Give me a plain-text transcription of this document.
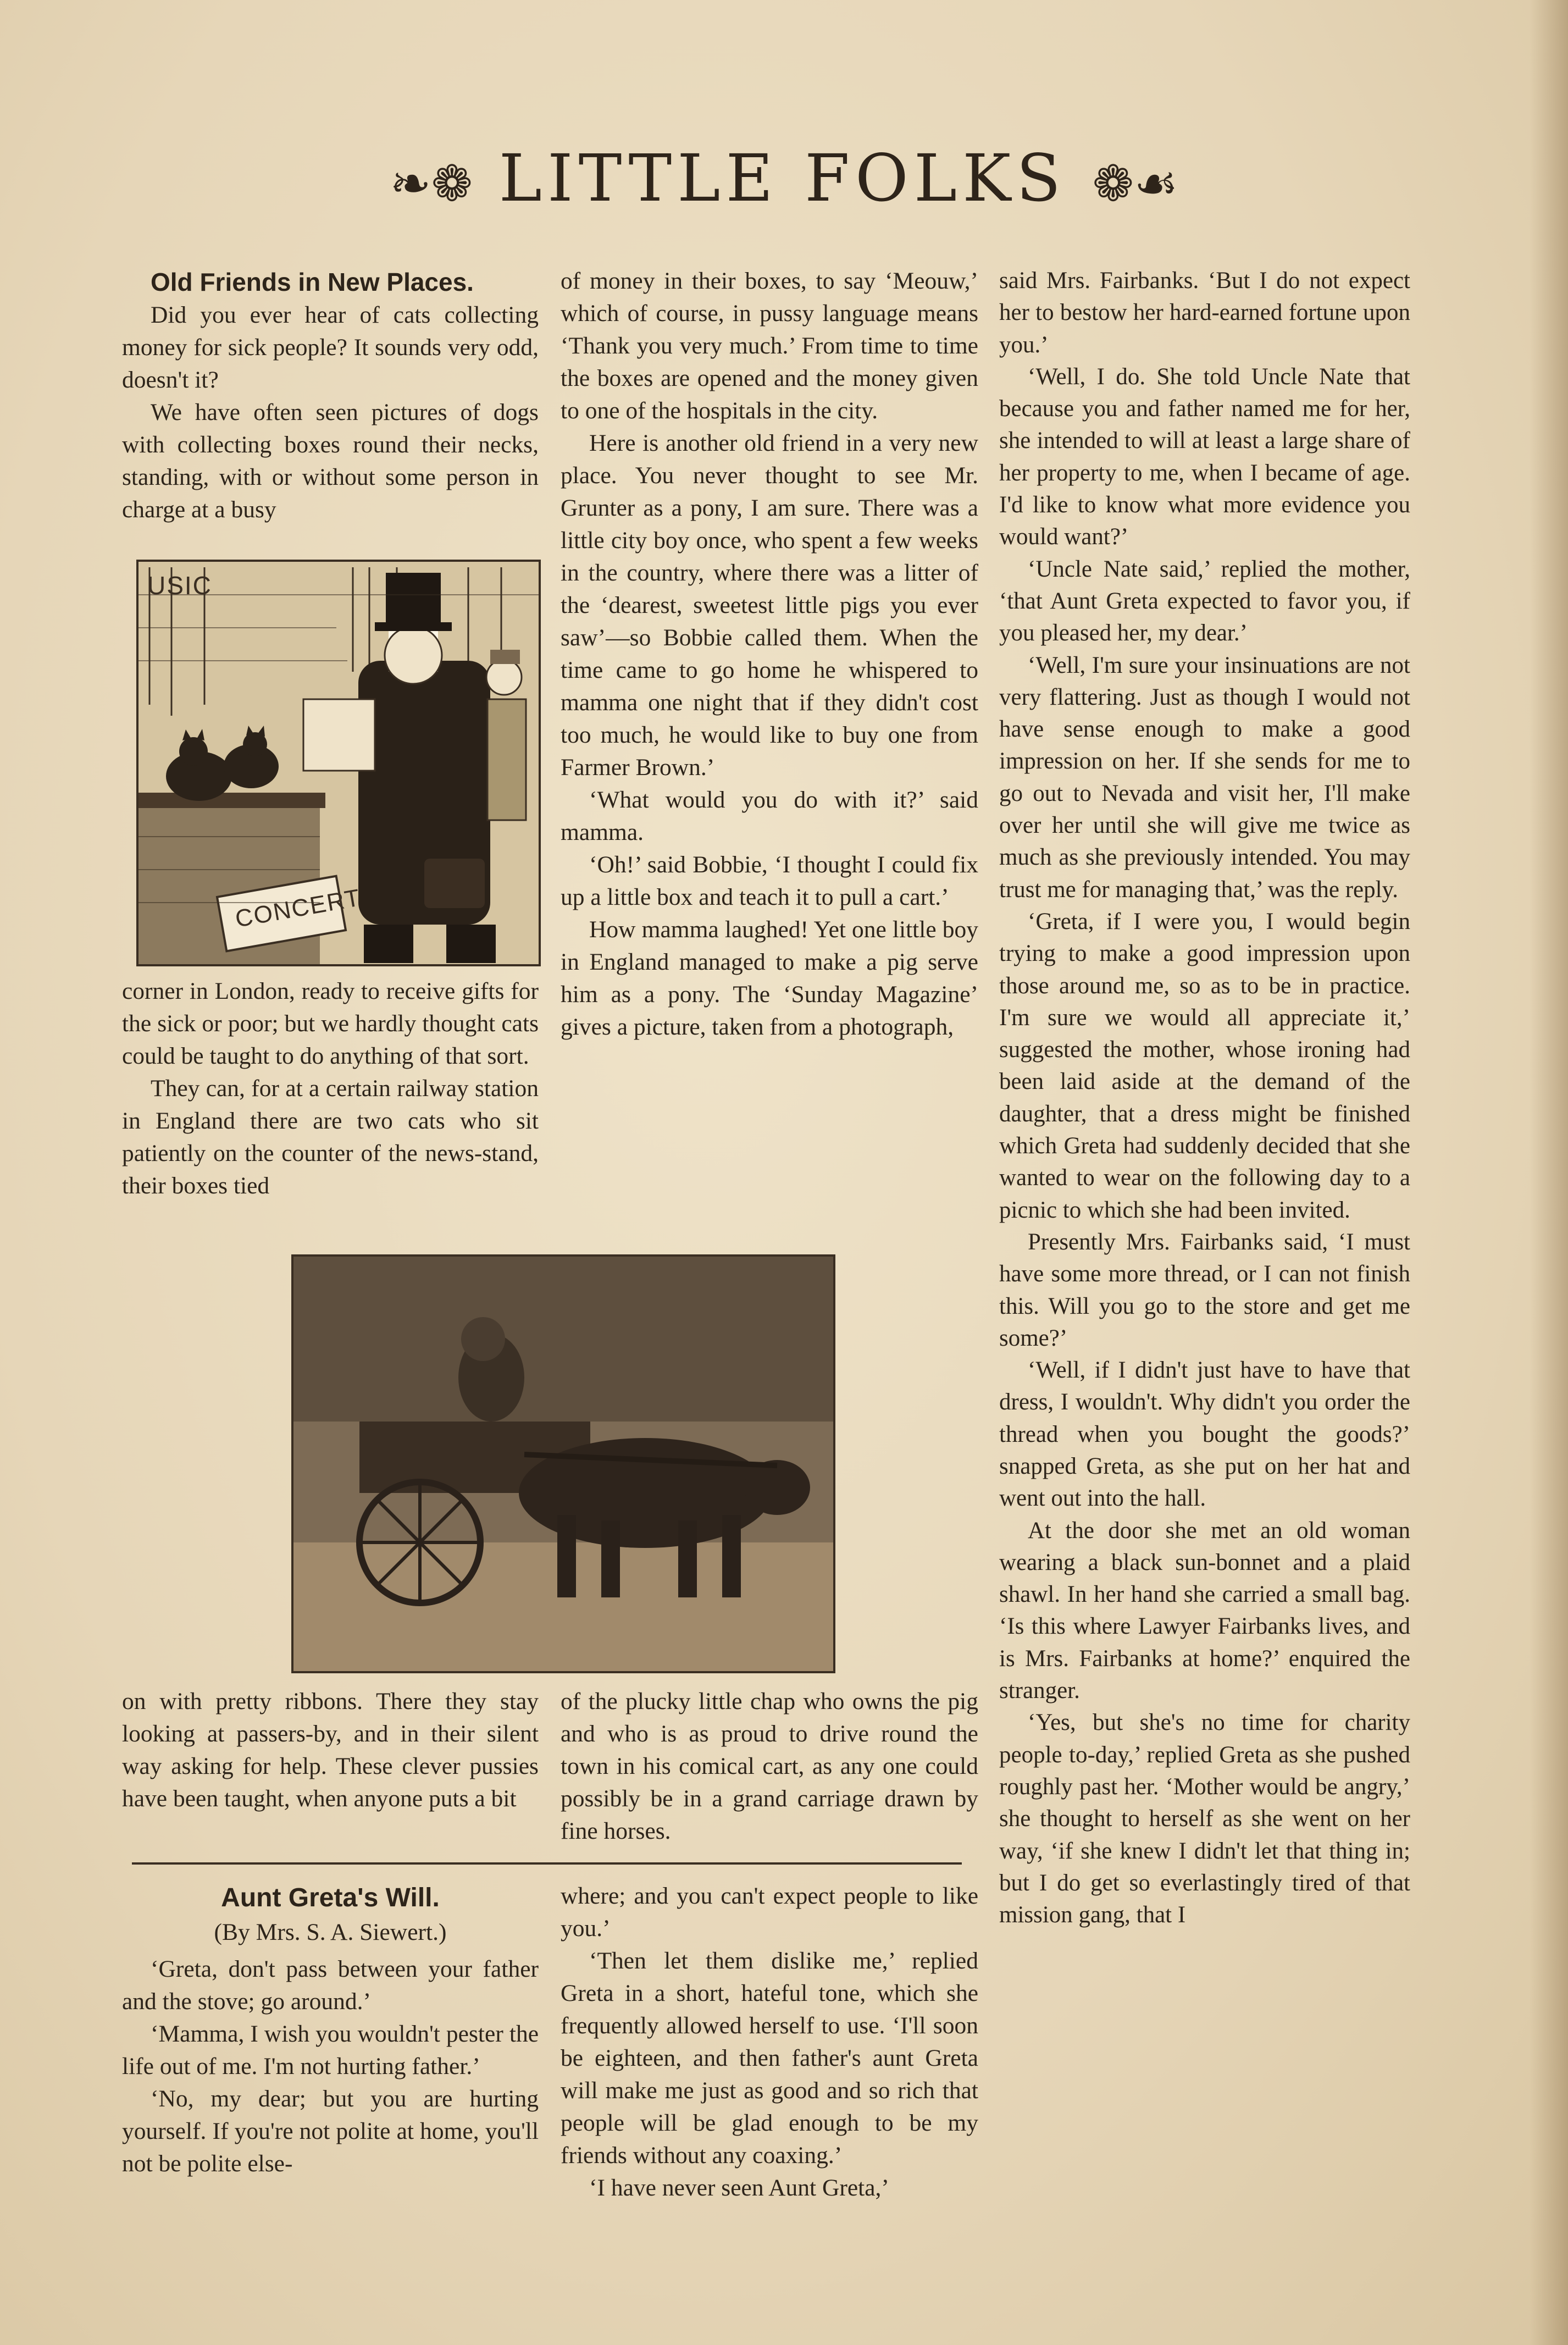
❧❁ LITTLE FOLKS ❁☙

Old Friends in New Places.

Did you ever hear of cats collecting money for sick people? It sounds very odd, doesn't it?

We have often seen pictures of dogs with collecting boxes round their necks, standing, with or without some person in charge at a busy

USIC
CONCERT

corner in London, ready to receive gifts for the sick or poor; but we hardly thought cats could be taught to do anything of that sort.

They can, for at a certain railway station in England there are two cats who sit patiently on the counter of the news-stand, their boxes tied

of money in their boxes, to say ‘Meouw,’ which of course, in pussy language means ‘Thank you very much.’ From time to time the boxes are opened and the money given to one of the hospitals in the city.

Here is another old friend in a very new place. You never thought to see Mr. Grunter as a pony, I am sure. There was a little city boy once, who spent a few weeks in the country, where there was a litter of the ‘dearest, sweetest little pigs you ever saw’—so Bobbie called them. When the time came to go home he whispered to mamma one night that if they didn't cost too much, he would like to buy one from Farmer Brown.’

‘What would you do with it?’ said mamma.

‘Oh!’ said Bobbie, ‘I thought I could fix up a little box and teach it to pull a cart.’

How mamma laughed! Yet one little boy in England managed to make a pig serve him as a pony. The ‘Sunday Magazine’ gives a picture, taken from a photograph,

on with pretty ribbons. There they stay looking at passers-by, and in their silent way asking for help. These clever pussies have been taught, when anyone puts a bit

of the plucky little chap who owns the pig and who is as proud to drive round the town in his comical cart, as any one could possibly be in a grand carriage drawn by fine horses.

Aunt Greta's Will.

(By Mrs. S. A. Siewert.)

‘Greta, don't pass between your father and the stove; go around.’

‘Mamma, I wish you wouldn't pester the life out of me. I'm not hurting father.’

‘No, my dear; but you are hurting yourself. If you're not polite at home, you'll not be polite else-

where; and you can't expect people to like you.’

‘Then let them dislike me,’ replied Greta in a short, hateful tone, which she frequently allowed herself to use. ‘I'll soon be eighteen, and then father's aunt Greta will make me just as good and so rich that people will be glad enough to be my friends without any coaxing.’

‘I have never seen Aunt Greta,’

said Mrs. Fairbanks. ‘But I do not expect her to bestow her hard-earned fortune upon you.’

‘Well, I do. She told Uncle Nate that because you and father named me for her, she intended to will at least a large share of her property to me, when I became of age. I'd like to know what more evidence you would want?’

‘Uncle Nate said,’ replied the mother, ‘that Aunt Greta expected to favor you, if you pleased her, my dear.’

‘Well, I'm sure your insinuations are not very flattering. Just as though I would not have sense enough to make a good impression on her. If she sends for me to go out to Nevada and visit her, I'll make over her until she will give me twice as much as she previously intended. You may trust me for managing that,’ was the reply.

‘Greta, if I were you, I would begin trying to make a good impression upon those around me, so as to be in practice. I'm sure we would all appreciate it,’ suggested the mother, whose ironing had been laid aside at the demand of the daughter, that a dress might be finished which Greta had suddenly decided that she wanted to wear on the following day to a picnic to which she had been invited.

Presently Mrs. Fairbanks said, ‘I must have some more thread, or I can not finish this. Will you go to the store and get me some?’

‘Well, if I didn't just have to have that dress, I wouldn't. Why didn't you order the thread when you bought the goods?’ snapped Greta, as she put on her hat and went out into the hall.

At the door she met an old woman wearing a black sun-bonnet and a plaid shawl. In her hand she carried a small bag. ‘Is this where Lawyer Fairbanks lives, and is Mrs. Fairbanks at home?’ enquired the stranger.

‘Yes, but she's no time for charity people to-day,’ replied Greta as she pushed roughly past her. ‘Mother would be angry,’ she thought to herself as she went on her way, ‘if she knew I didn't let that thing in; but I do get so everlastingly tired of that mission gang, that I
